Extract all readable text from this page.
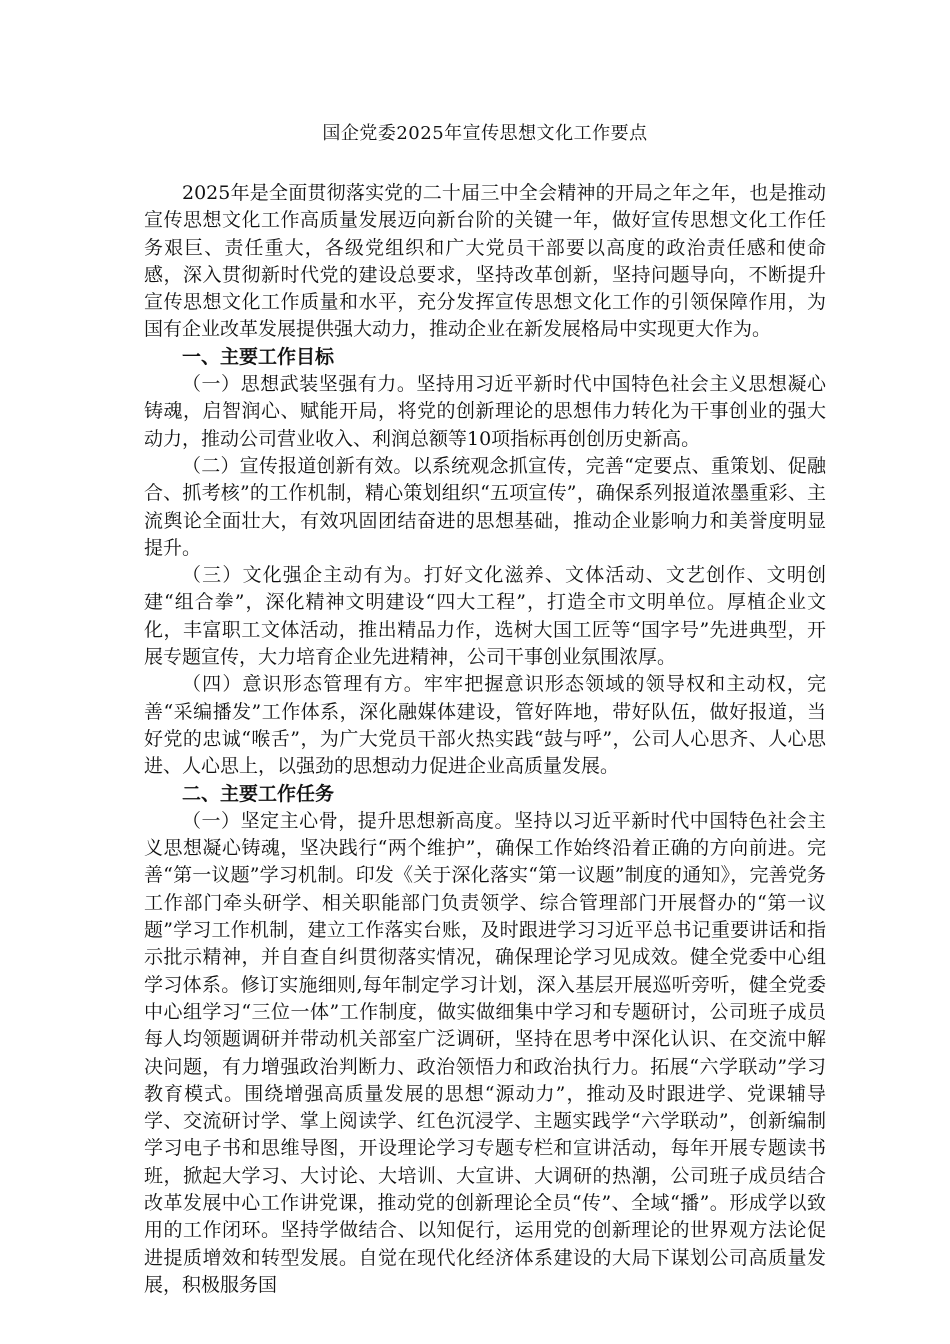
国企党委2025年宣传思想文化工作要点

2025年是全面贯彻落实党的二十届三中全会精神的开局之年之年，也是推动宣传思想文化工作高质量发展迈向新台阶的关键一年，做好宣传思想文化工作任务艰巨、责任重大，各级党组织和广大党员干部要以高度的政治责任感和使命感，深入贯彻新时代党的建设总要求，坚持改革创新，坚持问题导向，不断提升宣传思想文化工作质量和水平，充分发挥宣传思想文化工作的引领保障作用，为国有企业改革发展提供强大动力，推动企业在新发展格局中实现更大作为。

一、主要工作目标

（一）思想武装坚强有力。坚持用习近平新时代中国特色社会主义思想凝心铸魂，启智润心、赋能开局，将党的创新理论的思想伟力转化为干事创业的强大动力，推动公司营业收入、利润总额等10项指标再创创历史新高。

（二）宣传报道创新有效。以系统观念抓宣传，完善“定要点、重策划、促融合、抓考核”的工作机制，精心策划组织“五项宣传”，确保系列报道浓墨重彩、主流舆论全面壮大，有效巩固团结奋进的思想基础，推动企业影响力和美誉度明显提升。

（三）文化强企主动有为。打好文化滋养、文体活动、文艺创作、文明创建“组合拳”，深化精神文明建设“四大工程”，打造全市文明单位。厚植企业文化，丰富职工文体活动，推出精品力作，选树大国工匠等“国字号”先进典型，开展专题宣传，大力培育企业先进精神，公司干事创业氛围浓厚。

（四）意识形态管理有方。牢牢把握意识形态领域的领导权和主动权，完善“采编播发”工作体系，深化融媒体建设，管好阵地，带好队伍，做好报道，当好党的忠诚“喉舌”，为广大党员干部火热实践“鼓与呼”，公司人心思齐、人心思进、人心思上，以强劲的思想动力促进企业高质量发展。

二、主要工作任务

（一）坚定主心骨，提升思想新高度。坚持以习近平新时代中国特色社会主义思想凝心铸魂，坚决践行“两个维护”，确保工作始终沿着正确的方向前进。完善“第一议题”学习机制。印发《关于深化落实“第一议题”制度的通知》，完善党务工作部门牵头研学、相关职能部门负责领学、综合管理部门开展督办的“第一议题”学习工作机制，建立工作落实台账，及时跟进学习习近平总书记重要讲话和指示批示精神，并自查自纠贯彻落实情况，确保理论学习见成效。健全党委中心组学习体系。修订实施细则,每年制定学习计划，深入基层开展巡听旁听，健全党委中心组学习“三位一体”工作制度，做实做细集中学习和专题研讨，公司班子成员每人均领题调研并带动机关部室广泛调研，坚持在思考中深化认识、在交流中解决问题，有力增强政治判断力、政治领悟力和政治执行力。拓展“六学联动”学习教育模式。围绕增强高质量发展的思想“源动力”，推动及时跟进学、党课辅导学、交流研讨学、掌上阅读学、红色沉浸学、主题实践学“六学联动”，创新编制学习电子书和思维导图，开设理论学习专题专栏和宣讲活动，每年开展专题读书班，掀起大学习、大讨论、大培训、大宣讲、大调研的热潮，公司班子成员结合改革发展中心工作讲党课，推动党的创新理论全员“传”、全域“播”。形成学以致用的工作闭环。坚持学做结合、以知促行，运用党的创新理论的世界观方法论促进提质增效和转型发展。自觉在现代化经济体系建设的大局下谋划公司高质量发展，积极服务国
